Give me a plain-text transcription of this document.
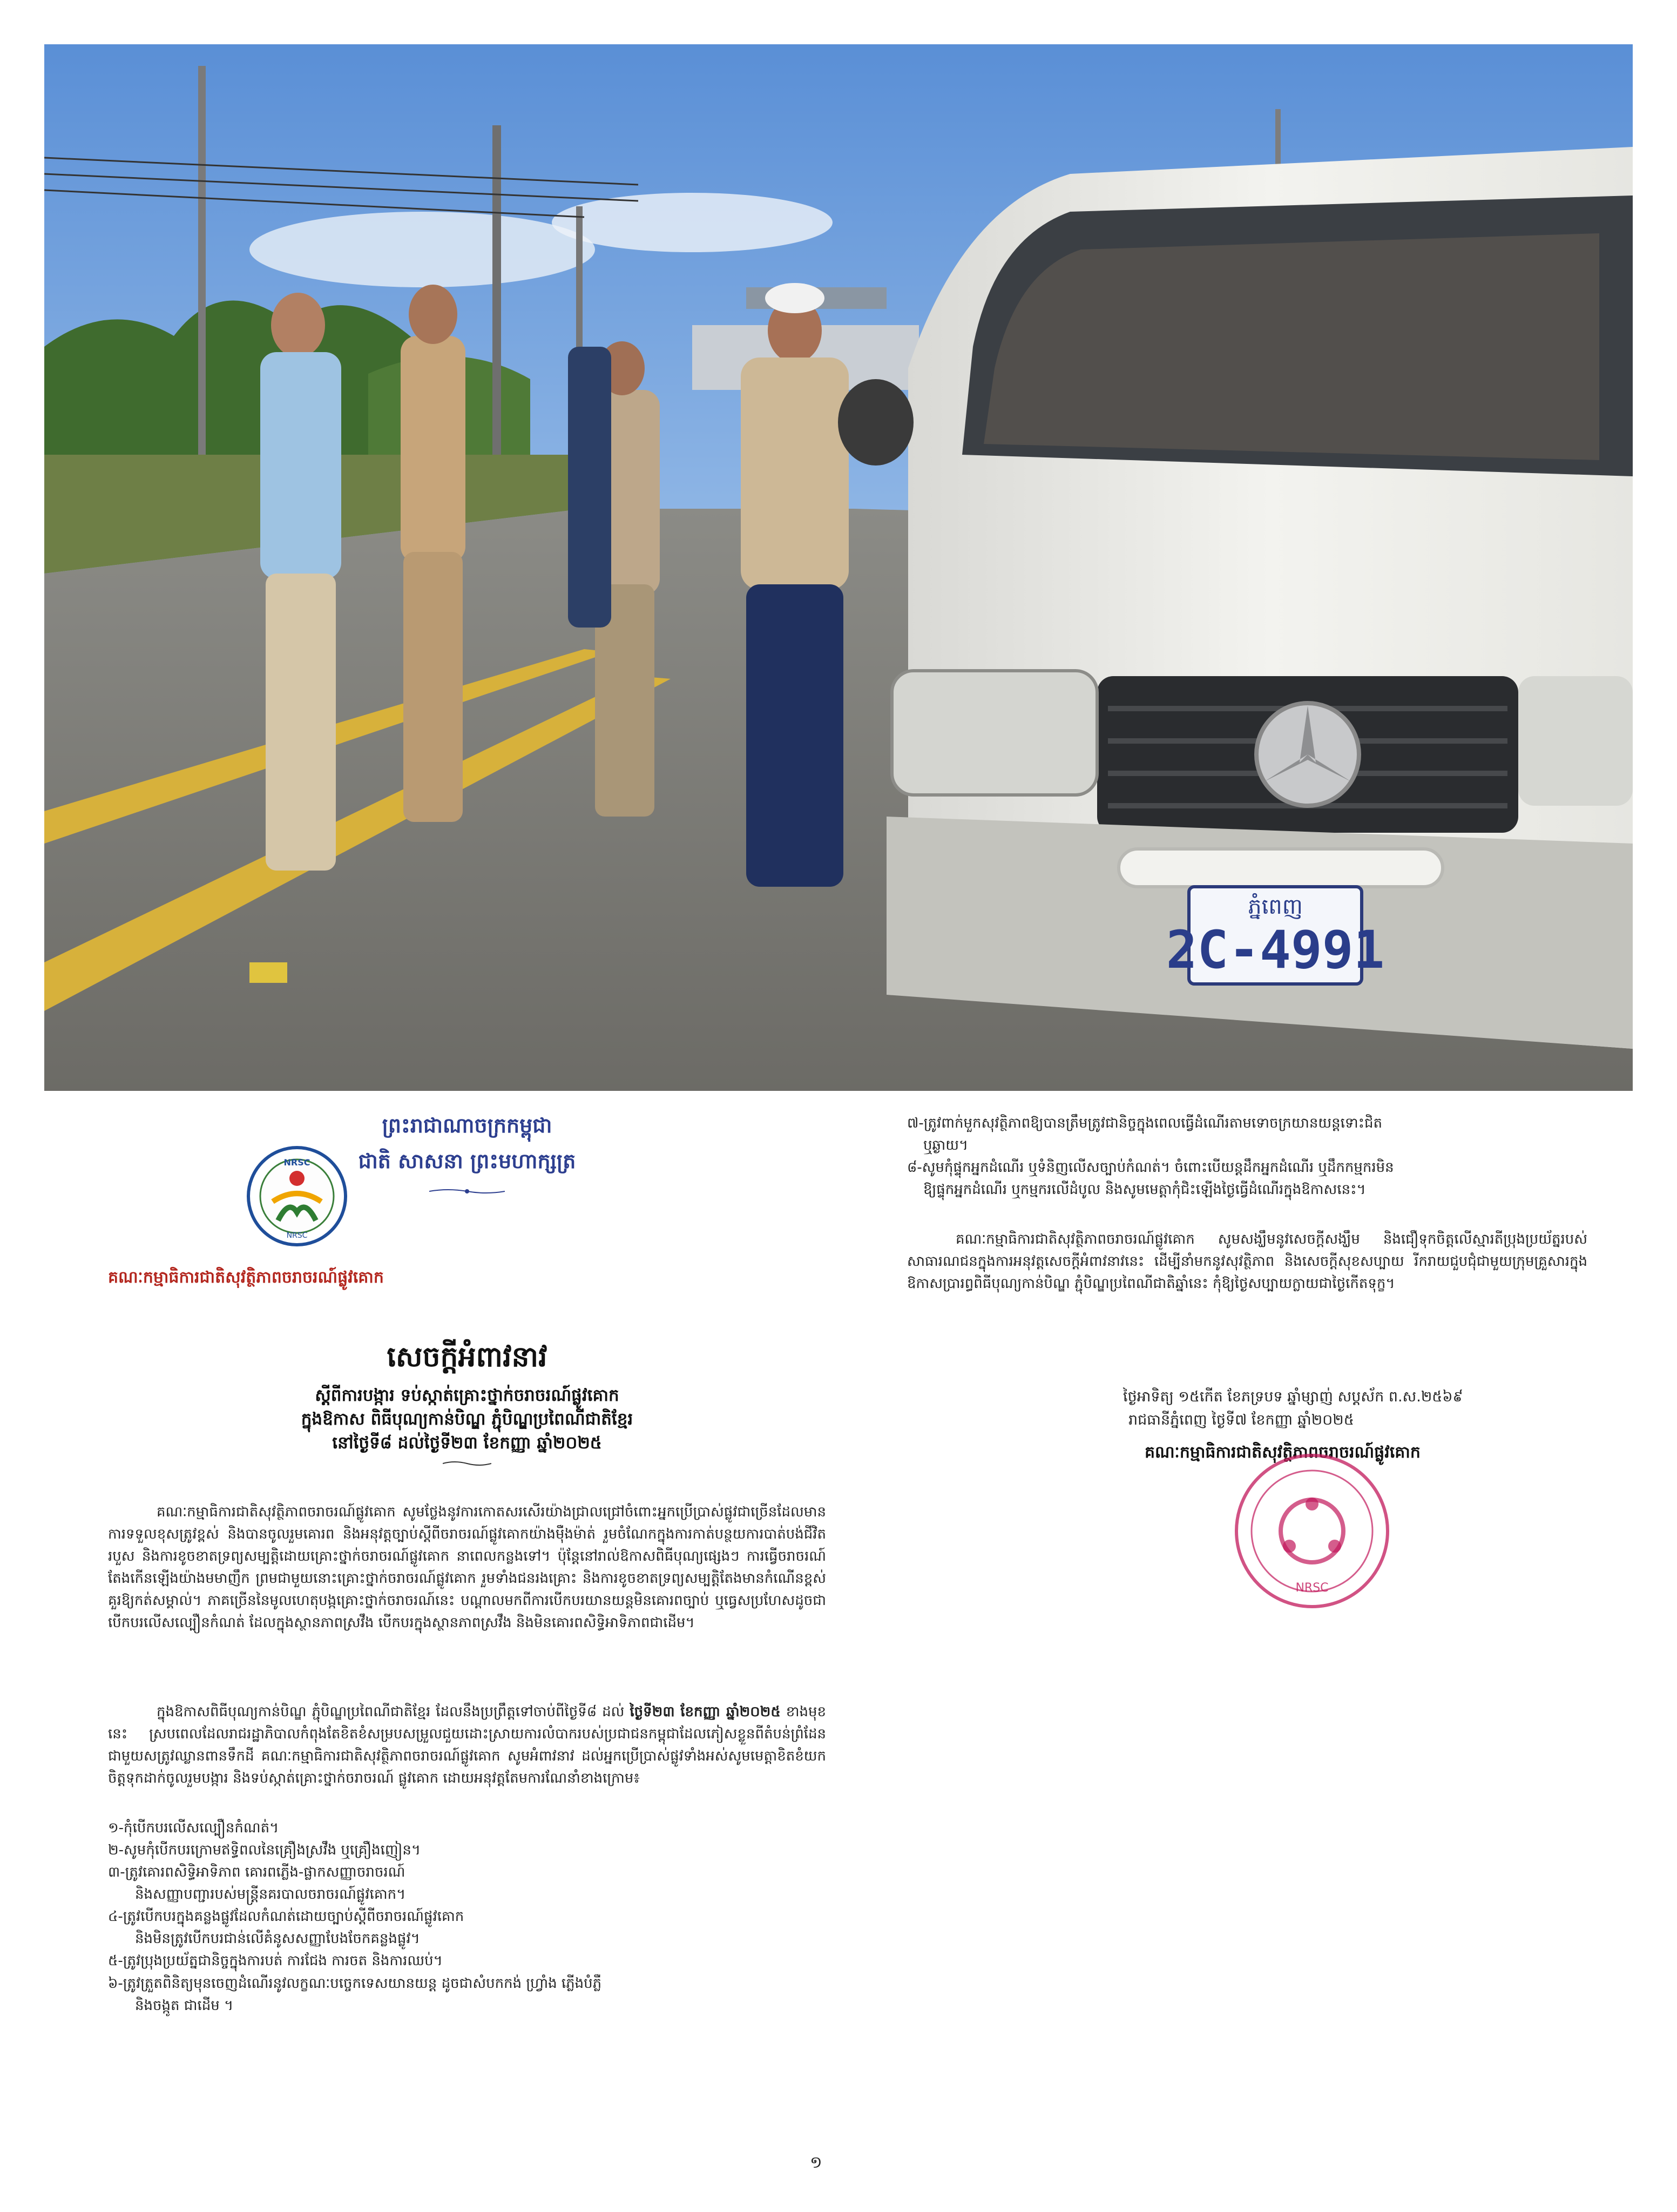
ភ្នំពេញ
2C-4991
ព្រះរាជាណាចក្រកម្ពុជា
ជាតិ សាសនា ព្រះមហាក្សត្រ
NRSC
NRSC
គណៈកម្មាធិការជាតិសុវត្ថិភាពចរាចរណ៍ផ្លូវគោក
សេចក្តីអំពាវនាវ
ស្តីពីការបង្ការ ទប់ស្កាត់គ្រោះថ្នាក់ចរាចរណ៍ផ្លូវគោក
ក្នុងឱកាស ពិធីបុណ្យកាន់បិណ្ឌ ភ្ជុំបិណ្ឌប្រពៃណីជាតិខ្មែរ
នៅថ្ងៃទី៨ ដល់ថ្ងៃទី២៣ ខែកញ្ញា ឆ្នាំ២០២៥

គណៈកម្មាធិការជាតិសុវត្ថិភាពចរាចរណ៍ផ្លូវគោក សូមថ្លែងនូវការកោតសរសើរយ៉ាងជ្រាលជ្រៅចំពោះអ្នកប្រើប្រាស់ផ្លូវជាច្រើនដែលមានការទទួលខុសត្រូវខ្ពស់ និងបានចូលរួមគោរព និងអនុវត្តច្បាប់ស្តីពីចរាចរណ៍ផ្លូវគោកយ៉ាងម៉ឺងម៉ាត់ រួមចំណែកក្នុងការកាត់បន្ថយការបាត់បង់ជីវិត របួស និងការខូចខាតទ្រព្យសម្បត្តិដោយគ្រោះថ្នាក់ចរាចរណ៍ផ្លូវគោក នាពេលកន្លងទៅ។ ប៉ុន្តែនៅរាល់ឱកាសពិធីបុណ្យផ្សេងៗ ការធ្វើចរាចរណ៍តែងកើនឡើងយ៉ាងមមាញឹក ព្រមជាមួយនោះគ្រោះថ្នាក់ចរាចរណ៍ផ្លូវគោក រួមទាំងជនរងគ្រោះ និងការខូចខាតទ្រព្យសម្បត្តិតែងមានកំណើនខ្ពស់ គួរឱ្យកត់សម្គាល់។ ភាគច្រើននៃមូលហេតុបង្កគ្រោះថ្នាក់ចរាចរណ៍នេះ បណ្តាលមកពីការបើកបរយានយន្តមិនគោរពច្បាប់ ឬធ្វេសប្រហែសដូចជា បើកបរលើសល្បឿនកំណត់ ដែលក្នុងស្ថានភាពស្រវឹង បើកបរក្នុងស្ថានភាពស្រវឹង និងមិនគោរពសិទ្ធិអាទិភាពជាដើម។

ក្នុងឱកាសពិធីបុណ្យកាន់បិណ្ឌ ភ្ជុំបិណ្ឌប្រពៃណីជាតិខ្មែរ ដែលនឹងប្រព្រឹត្តទៅចាប់ពីថ្ងៃទី៨ ដល់ ថ្ងៃទី២៣ ខែកញ្ញា ឆ្នាំ២០២៥ ខាងមុខនេះ ស្របពេលដែលរាជរដ្ឋាភិបាលកំពុងតែខិតខំសម្របសម្រួលជួយដោះស្រាយការលំបាករបស់ប្រជាជនកម្ពុជាដែលភៀសខ្លួនពីតំបន់ព្រំដែនជាមួយសត្រូវឈ្លានពានទឹកដី គណៈកម្មាធិការជាតិសុវត្ថិភាពចរាចរណ៍ផ្លូវគោក សូមអំពាវនាវ ដល់អ្នកប្រើប្រាស់ផ្លូវទាំងអស់សូមមេត្តាខិតខំយកចិត្តទុកដាក់ចូលរួមបង្ការ និងទប់ស្កាត់គ្រោះថ្នាក់ចរាចរណ៍ ផ្លូវគោក ដោយអនុវត្តតែមការណែនាំខាងក្រោម៖

១-កុំបើកបរលើសល្បឿនកំណត់។
២-សូមកុំបើកបរក្រោមឥទ្ធិពលនៃគ្រឿងស្រវឹង ឬគ្រឿងញៀន។
៣-ត្រូវគោរពសិទ្ធិអាទិភាព គោរពភ្លើង-ផ្លាកសញ្ញាចរាចរណ៍
និងសញ្ញាបញ្ជារបស់មន្ត្រីនគរបាលចរាចរណ៍ផ្លូវគោក។
៤-ត្រូវបើកបរក្នុងគន្លងផ្លូវដែលកំណត់ដោយច្បាប់ស្តីពីចរាចរណ៍ផ្លូវគោក
និងមិនត្រូវបើកបរជាន់លើគំនូសសញ្ញាបែងចែកគន្លងផ្លូវ។
៥-ត្រូវប្រុងប្រយ័ត្នជានិច្ចក្នុងការបត់ ការជែង ការចត និងការឈប់។
៦-ត្រូវត្រួតពិនិត្យមុនចេញដំណើរនូវលក្ខណៈបច្ចេកទេសយានយន្ត ដូចជាសំបកកង់ ហ្វ្រាំង ភ្លើងបំភ្លឺ
និងចង្កូត ជាដើម ។
១
៧-ត្រូវពាក់មួកសុវត្ថិភាពឱ្យបានត្រឹមត្រូវជានិច្ចក្នុងពេលធ្វើដំណើរតាមទោចក្រយានយន្តទោះជិត
ឬឆ្ងាយ។
៨-សូមកុំផ្ទុកអ្នកដំណើរ ឬទំនិញលើសច្បាប់កំណត់។ ចំពោះបើយន្តដឹកអ្នកដំណើរ ឬដឹកកម្មករមិន
ឱ្យផ្ទុកអ្នកដំណើរ ឬកម្មករលើដំបូល និងសូមមេត្តាកុំជិះឡើងថ្ងៃធ្វើដំណើរក្នុងឱកាសនេះ។

គណៈកម្មាធិការជាតិសុវត្ថិភាពចរាចរណ៍ផ្លូវគោក សូមសង្ឃឹមនូវសេចក្តីសង្ឃឹម និងជឿទុកចិត្តលើស្មារតីប្រុងប្រយ័ត្នរបស់សាធារណជនក្នុងការអនុវត្តសេចក្តីអំពាវនាវនេះ ដើម្បីនាំមកនូវសុវត្ថិភាព និងសេចក្តីសុខសប្បាយ រីករាយជួបជុំជាមួយក្រុមគ្រួសារក្នុងឱកាសប្រារព្ធពិធីបុណ្យកាន់បិណ្ឌ ភ្ជុំបិណ្ឌប្រពៃណីជាតិឆ្នាំនេះ កុំឱ្យថ្ងៃសប្បាយក្លាយជាថ្ងៃកើតទុក្ខ។

ថ្ងៃអាទិត្យ ១៥កើត ខែភទ្របទ ឆ្នាំម្សាញ់ សប្តស័ក ព.ស.២៥៦៩
រាជធានីភ្នំពេញ ថ្ងៃទី៧ ខែកញ្ញា ឆ្នាំ២០២៥
គណៈកម្មាធិការជាតិសុវត្ថិភាពចរាចរណ៍ផ្លូវគោក
NRSC
